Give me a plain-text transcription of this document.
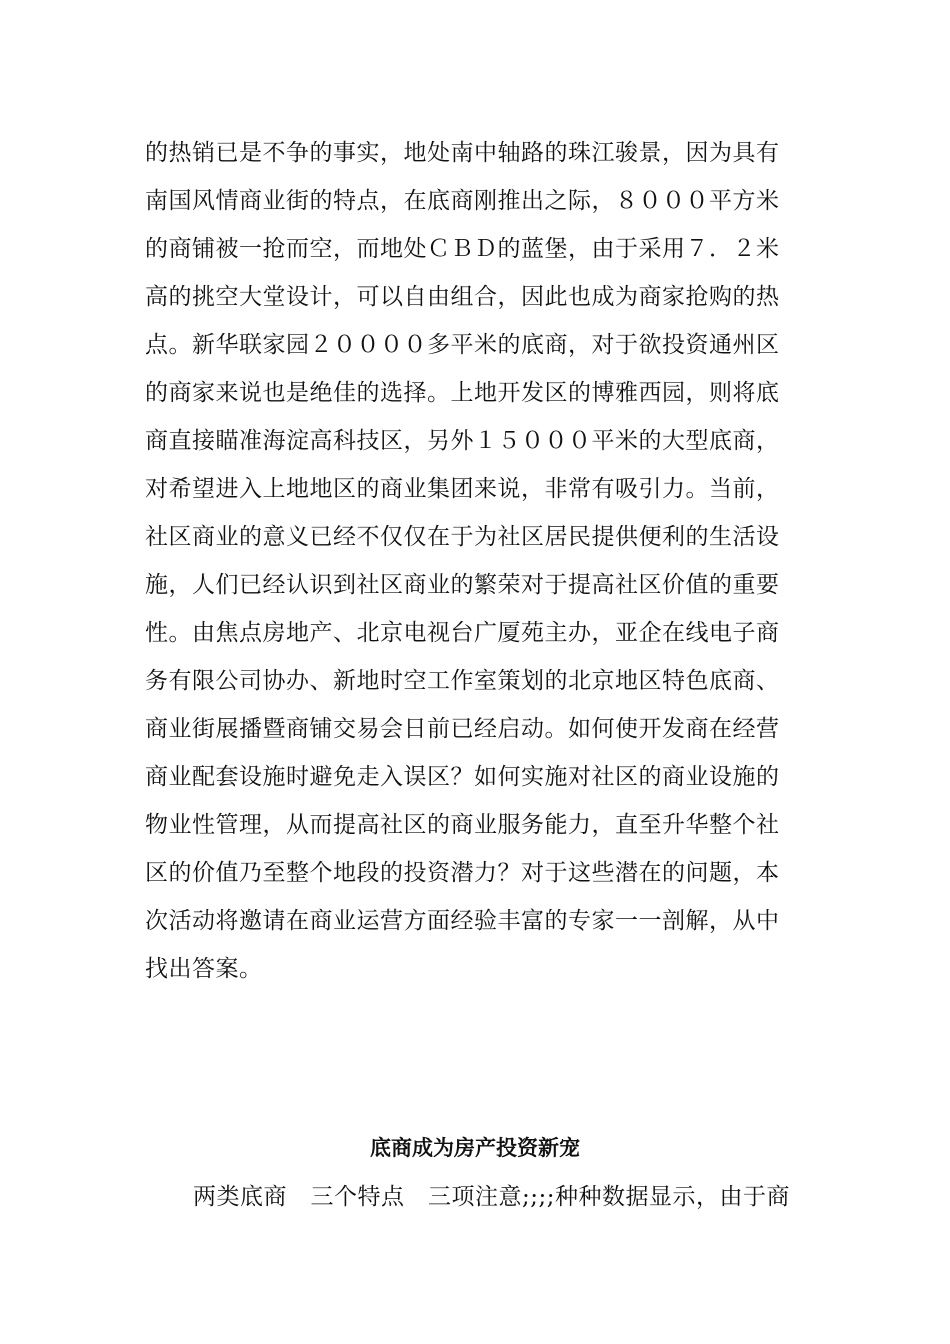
的热销已是不争的事实，地处南中轴路的珠江骏景，因为具有
南国风情商业街的特点，在底商刚推出之际，８０００平方米
的商铺被一抢而空，而地处ＣＢＤ的蓝堡，由于采用７．２米
高的挑空大堂设计，可以自由组合，因此也成为商家抢购的热
点。新华联家园２００００多平米的底商，对于欲投资通州区
的商家来说也是绝佳的选择。上地开发区的博雅西园，则将底
商直接瞄准海淀高科技区，另外１５０００平米的大型底商，
对希望进入上地地区的商业集团来说，非常有吸引力。当前，
社区商业的意义已经不仅仅在于为社区居民提供便利的生活设
施，人们已经认识到社区商业的繁荣对于提高社区价值的重要
性。由焦点房地产、北京电视台广厦苑主办，亚企在线电子商
务有限公司协办、新地时空工作室策划的北京地区特色底商、
商业街展播暨商铺交易会日前已经启动。如何使开发商在经营
商业配套设施时避免走入误区？如何实施对社区的商业设施的
物业性管理，从而提高社区的商业服务能力，直至升华整个社
区的价值乃至整个地段的投资潜力？对于这些潜在的问题，本
次活动将邀请在商业运营方面经验丰富的专家一一剖解，从中
找出答案。
底商成为房产投资新宠
两类底商　三个特点　三项注意;;;;种种数据显示，由于商
